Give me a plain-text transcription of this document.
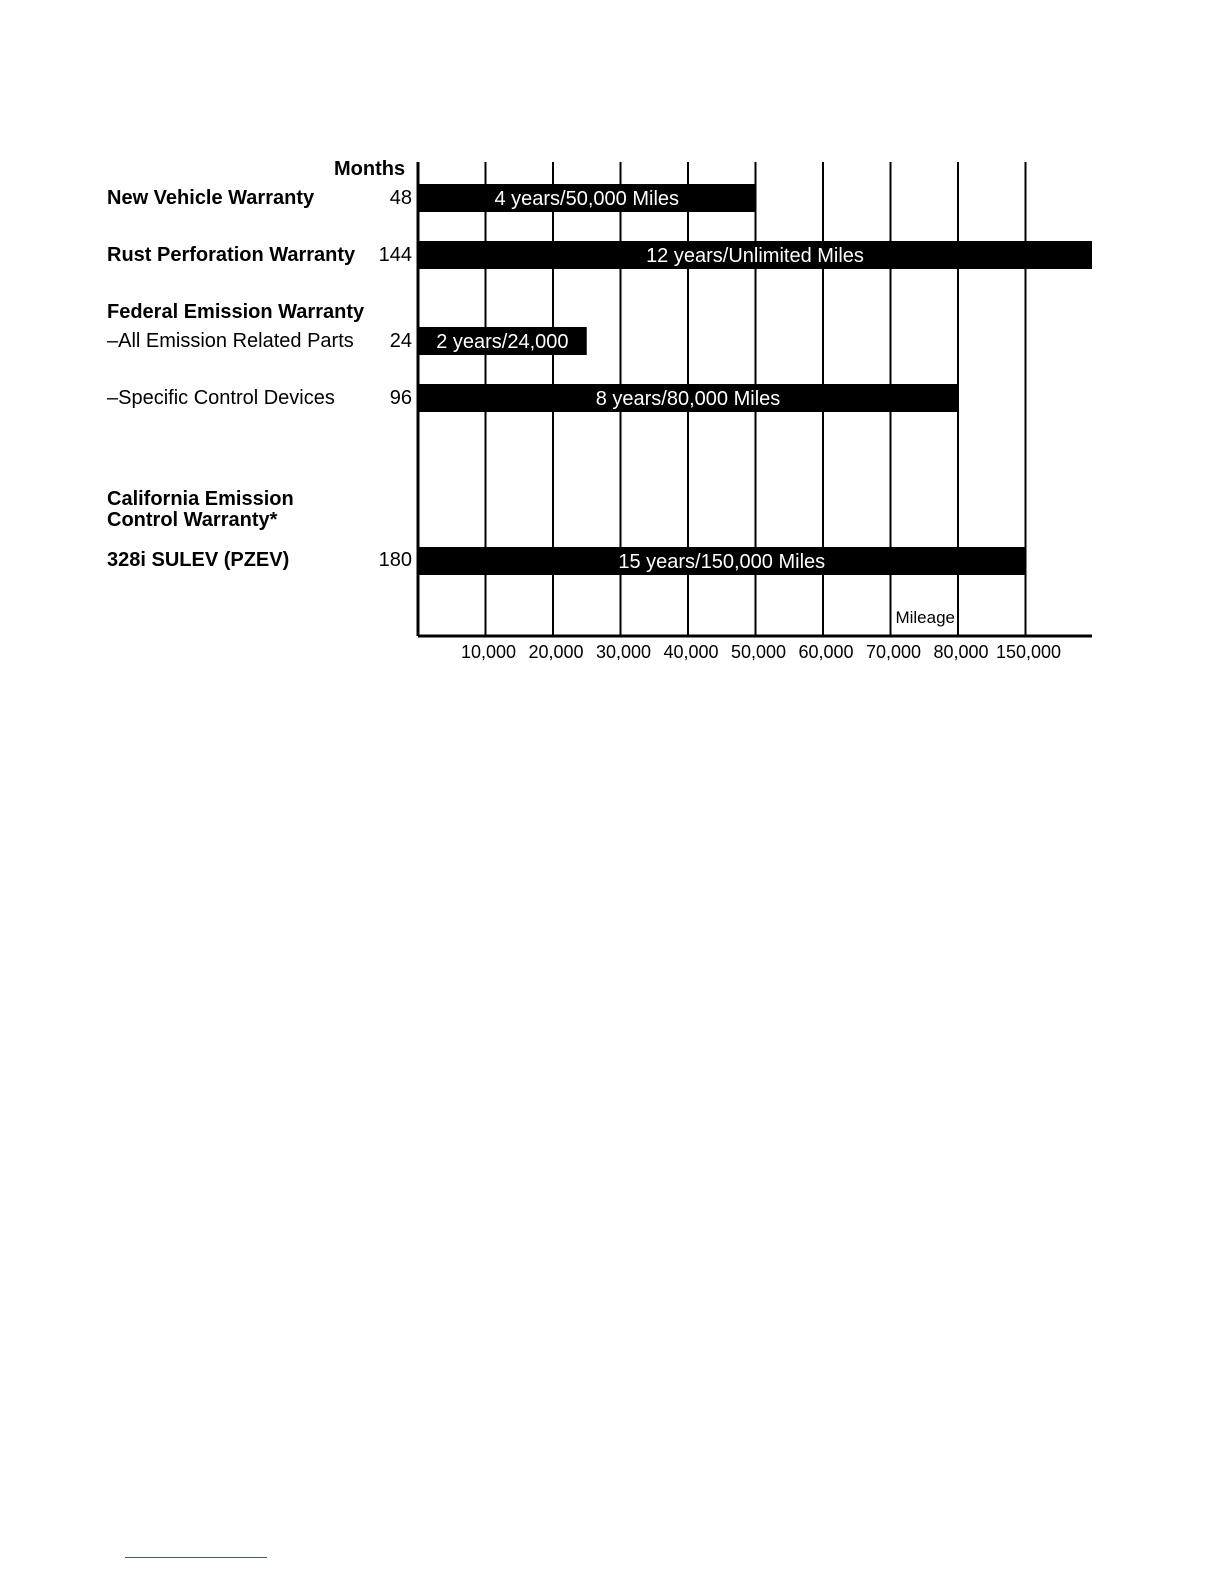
Months
New Vehicle Warranty	48
Rust Perforation Warranty	144
Federal Emission Warranty
–All Emission Related Parts	24
–Specific Control Devices	96
California Emission
Control Warranty*
328i SULEV (PZEV)	180
4 years/50,000 Miles
12 years/Unlimited Miles
2 years/24,000
8 years/80,000 Miles
15 years/150,000 Miles
Mileage
10,000 20,000 30,000 40,000 50,000 60,000 70,000 80,000 150,000
